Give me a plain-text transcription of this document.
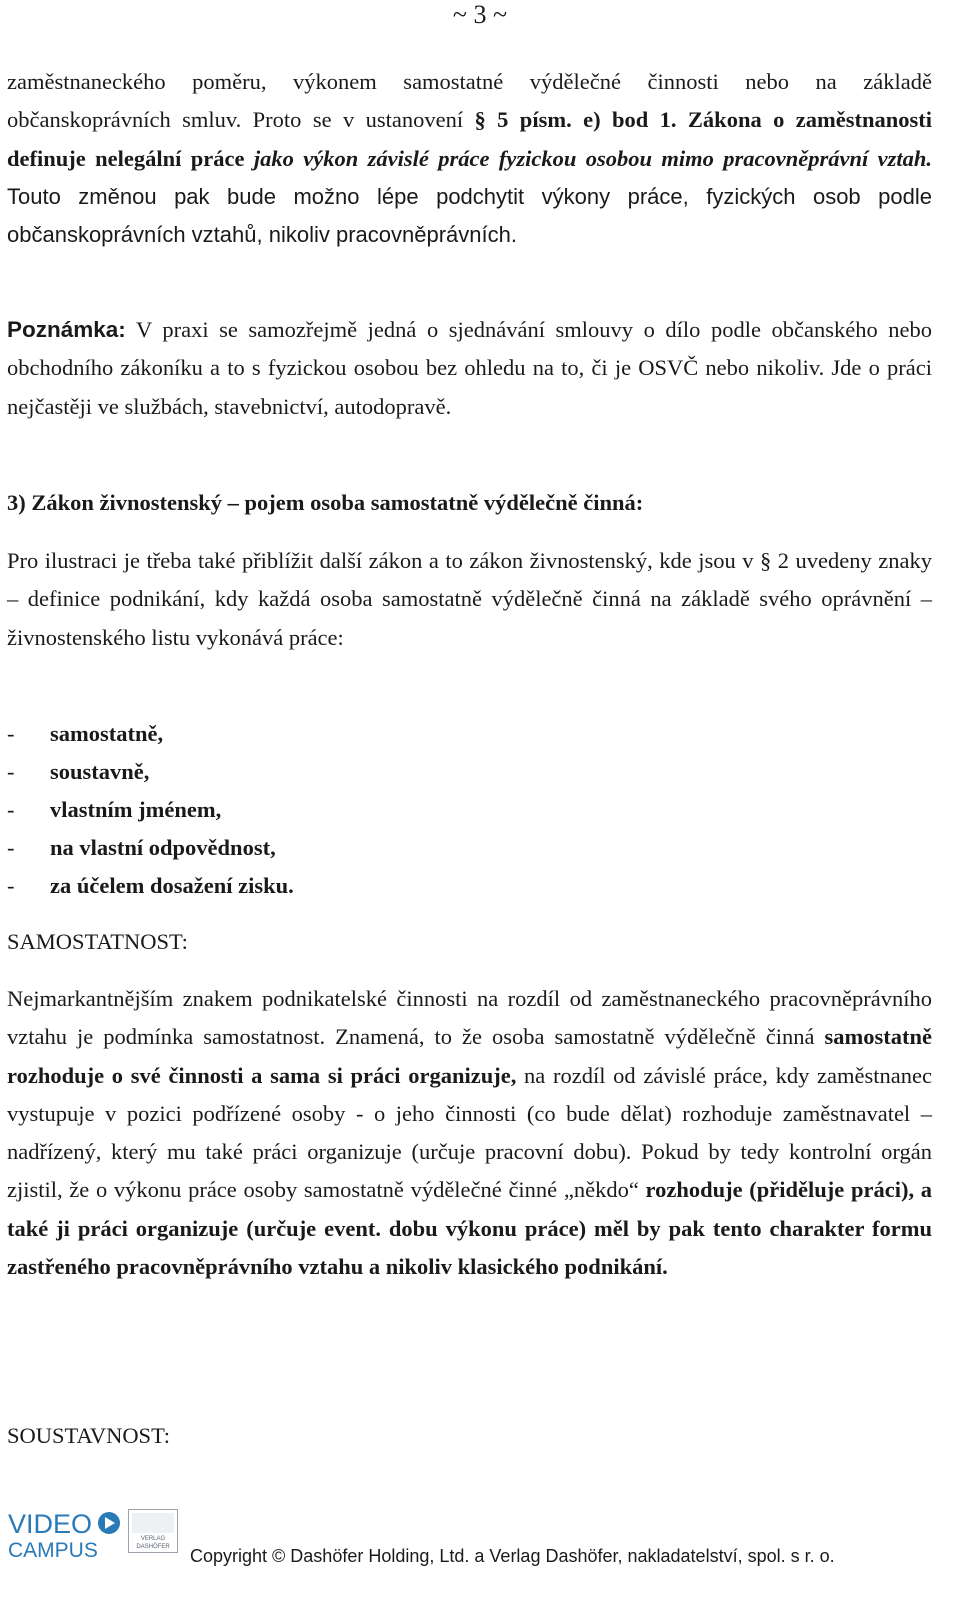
~ 3 ~
zaměstnaneckého poměru, výkonem samostatné výdělečné činnosti nebo na základě občanskoprávních smluv. Proto se v ustanovení § 5 písm. e) bod 1. Zákona o zaměstnanosti definuje nelegální práce jako výkon závislé práce fyzickou osobou mimo pracovněprávní vztah. Touto změnou pak bude možno lépe podchytit výkony práce, fyzických osob podle občanskoprávních vztahů, nikoliv pracovněprávních.
Poznámka: V praxi se samozřejmě jedná o sjednávání smlouvy o dílo podle občanského nebo obchodního zákoníku a to s fyzickou osobou bez ohledu na to, či je OSVČ nebo nikoliv. Jde o práci nejčastěji ve službách, stavebnictví, autodopravě.
3) Zákon živnostenský – pojem osoba samostatně výdělečně činná:
Pro ilustraci je třeba také přiblížit další zákon a to zákon živnostenský, kde jsou v § 2 uvedeny znaky – definice podnikání, kdy každá osoba samostatně výdělečně činná na základě svého oprávnění – živnostenského listu vykonává práce:
-	samostatně,
-	soustavně,
-	vlastním jménem,
-	na vlastní odpovědnost,
-	za účelem dosažení zisku.
SAMOSTATNOST:
Nejmarkantnějším znakem podnikatelské činnosti na rozdíl od zaměstnaneckého pracovněprávního vztahu je podmínka samostatnost. Znamená, to že osoba samostatně výdělečně činná samostatně rozhoduje o své činnosti a sama si práci organizuje, na rozdíl od závislé práce, kdy zaměstnanec vystupuje v pozici podřízené osoby - o jeho činnosti (co bude dělat) rozhoduje zaměstnavatel – nadřízený, který mu také práci organizuje (určuje pracovní dobu). Pokud by tedy kontrolní orgán zjistil, že o výkonu práce osoby samostatně výdělečné činné „někdo“ rozhoduje (přiděluje práci), a také ji práci organizuje (určuje event. dobu výkonu práce) měl by pak tento charakter formu zastřeného pracovněprávního vztahu a nikoliv klasického podnikání.
SOUSTAVNOST:
VIDEO
CAMPUS	VERLAG
DASHÖFER Copyright © Dashöfer Holding, Ltd. a Verlag Dashöfer, nakladatelství, spol. s r. o.
